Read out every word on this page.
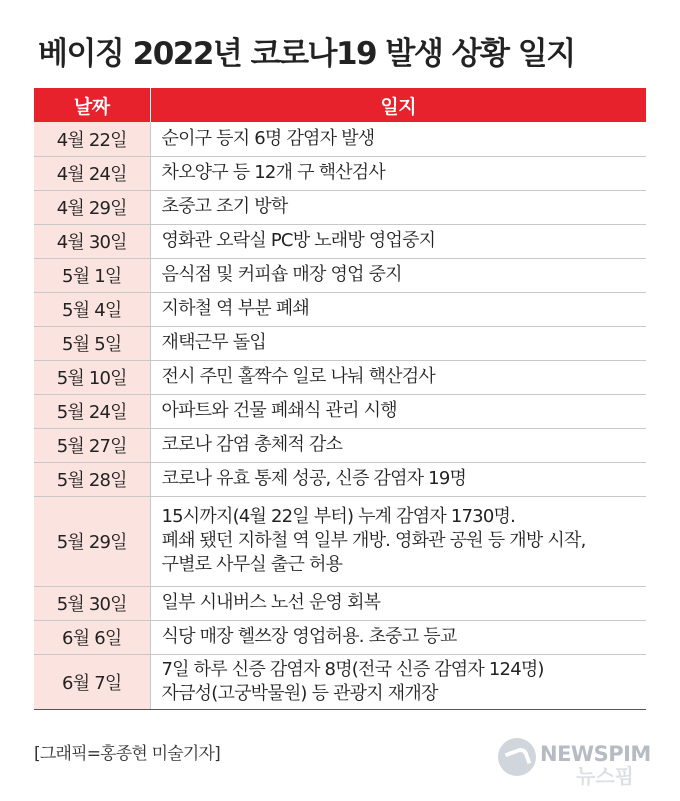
베이징 2022년 코로나19 발생 상황 일지
날짜	일지
4월 22일	순이구 등지 6명 감염자 발생

4월 24일	차오양구 등 12개 구 핵산검사

4월 29일	초중고 조기 방학

4월 30일	영화관 오락실 PC방 노래방 영업중지

5월 1일	음식점 및 커피숍 매장 영업 중지

5월 4일	지하철 역 부분 폐쇄

5월 5일	재택근무 돌입

5월 10일	전시 주민 홀짝수 일로 나눠 핵산검사

5월 24일	아파트와 건물 폐쇄식 관리 시행

5월 27일	코로나 감염 총체적 감소

5월 28일	코로나 유효 통제 성공, 신증 감염자 19명

5월 29일	15시까지(4월 22일 부터) 누계 감염자 1730명.
폐쇄 됐던 지하철 역 일부 개방. 영화관 공원 등 개방 시작,
구별로 사무실 출근 허용

5월 30일	일부 시내버스 노선 운영 회복

6월 6일	식당 매장 헬쓰장 영업허용. 초중고 등교

6월 7일	7일 하루 신증 감염자 8명(전국 신증 감염자 124명)
자금성(고궁박물원) 등 관광지 재개장
[그래픽=홍종현 미술기자]	NEWSPIM
뉴스핌
